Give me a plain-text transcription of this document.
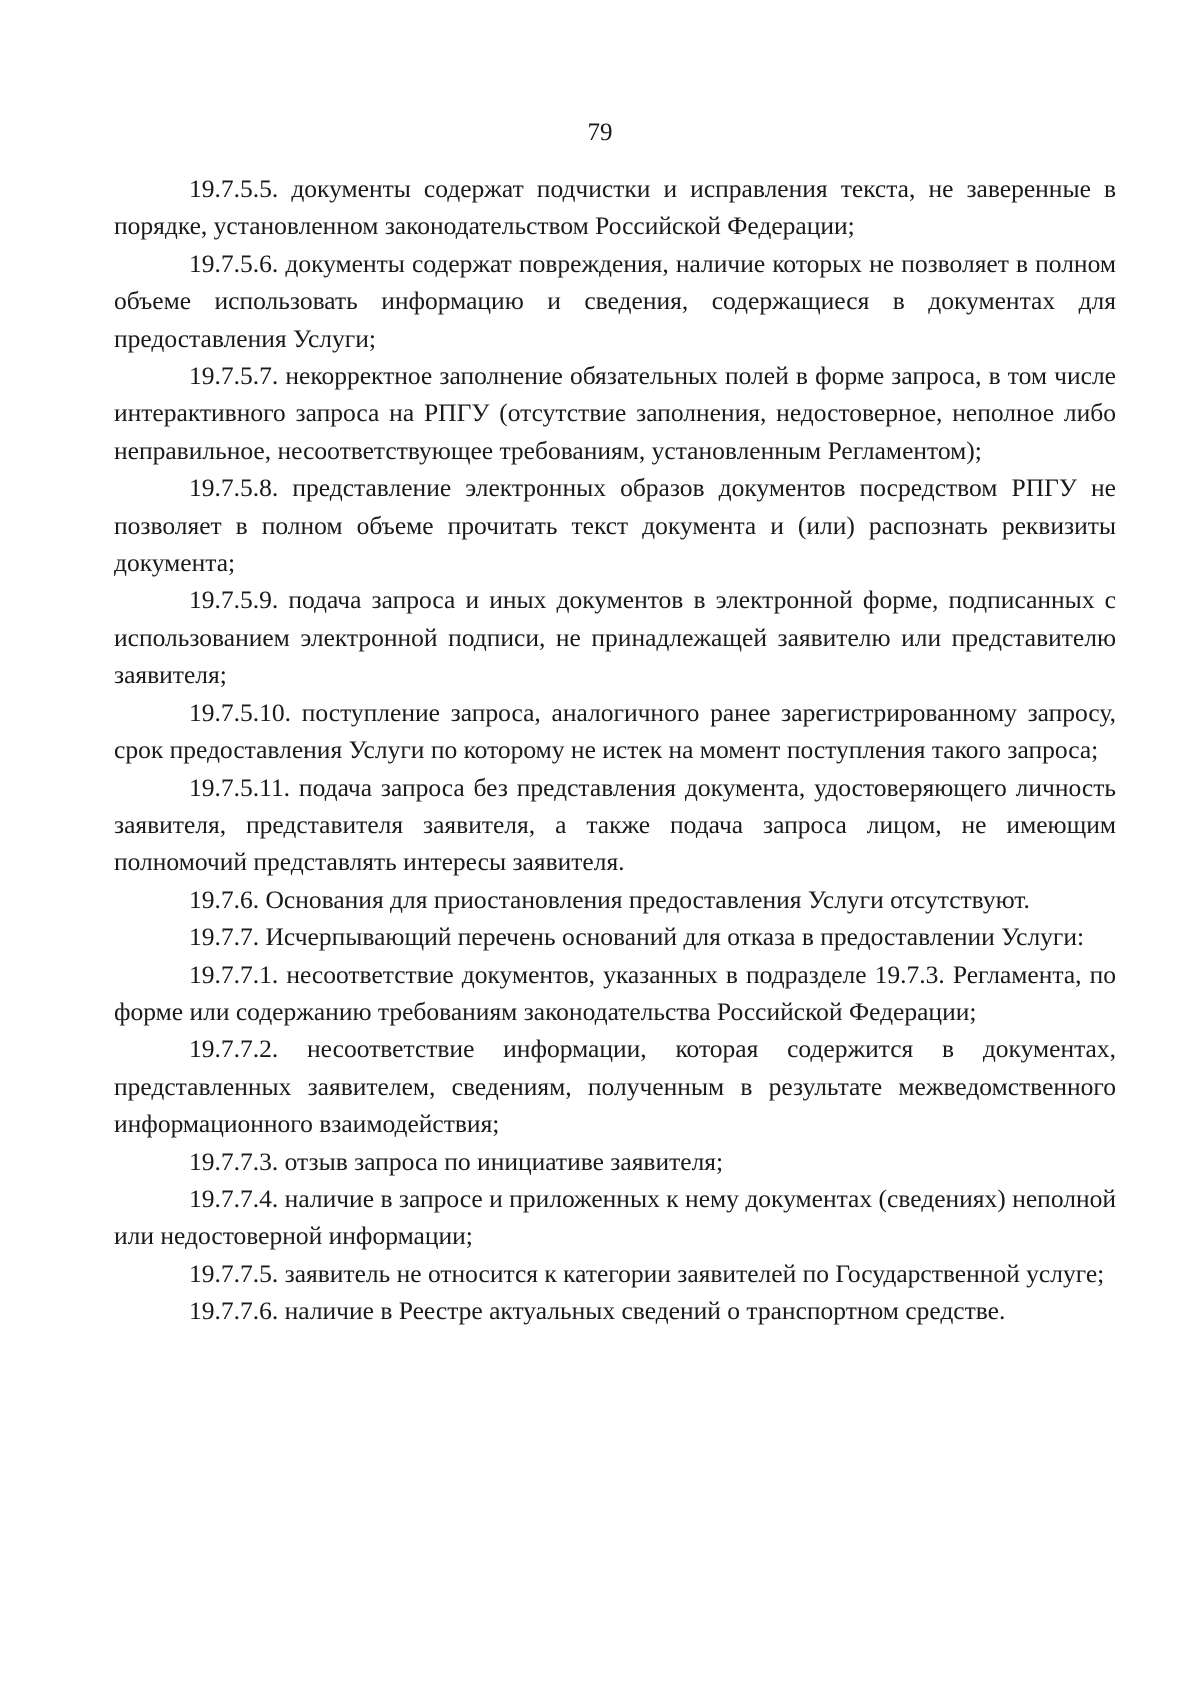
79

19.7.5.5. документы содержат подчистки и исправления текста, не заверенные в порядке, установленном законодательством Российской Федерации;

19.7.5.6. документы содержат повреждения, наличие которых не позволяет в полном объеме использовать информацию и сведения, содержащиеся в документах для предоставления Услуги;

19.7.5.7. некорректное заполнение обязательных полей в форме запроса, в том числе интерактивного запроса на РПГУ (отсутствие заполнения, недостоверное, неполное либо неправильное, несоответствующее требованиям, установленным Регламентом);

19.7.5.8. представление электронных образов документов посредством РПГУ не позволяет в полном объеме прочитать текст документа и (или) распознать реквизиты документа;

19.7.5.9. подача запроса и иных документов в электронной форме, подписанных с использованием электронной подписи, не принадлежащей заявителю или представителю заявителя;

19.7.5.10. поступление запроса, аналогичного ранее зарегистрированному запросу, срок предоставления Услуги по которому не истек на момент поступления такого запроса;

19.7.5.11. подача запроса без представления документа, удостоверяющего личность заявителя, представителя заявителя, а также подача запроса лицом, не имеющим полномочий представлять интересы заявителя.

19.7.6. Основания для приостановления предоставления Услуги отсутствуют.

19.7.7. Исчерпывающий перечень оснований для отказа в предоставлении Услуги:

19.7.7.1. несоответствие документов, указанных в подразделе 19.7.3. Регламента, по форме или содержанию требованиям законодательства Российской Федерации;

19.7.7.2. несоответствие информации, которая содержится в документах, представленных заявителем, сведениям, полученным в результате межведомственного информационного взаимодействия;

19.7.7.3. отзыв запроса по инициативе заявителя;

19.7.7.4. наличие в запросе и приложенных к нему документах (сведениях) неполной или недостоверной информации;

19.7.7.5. заявитель не относится к категории заявителей по Государственной услуге;

19.7.7.6. наличие в Реестре актуальных сведений о транспортном средстве.
